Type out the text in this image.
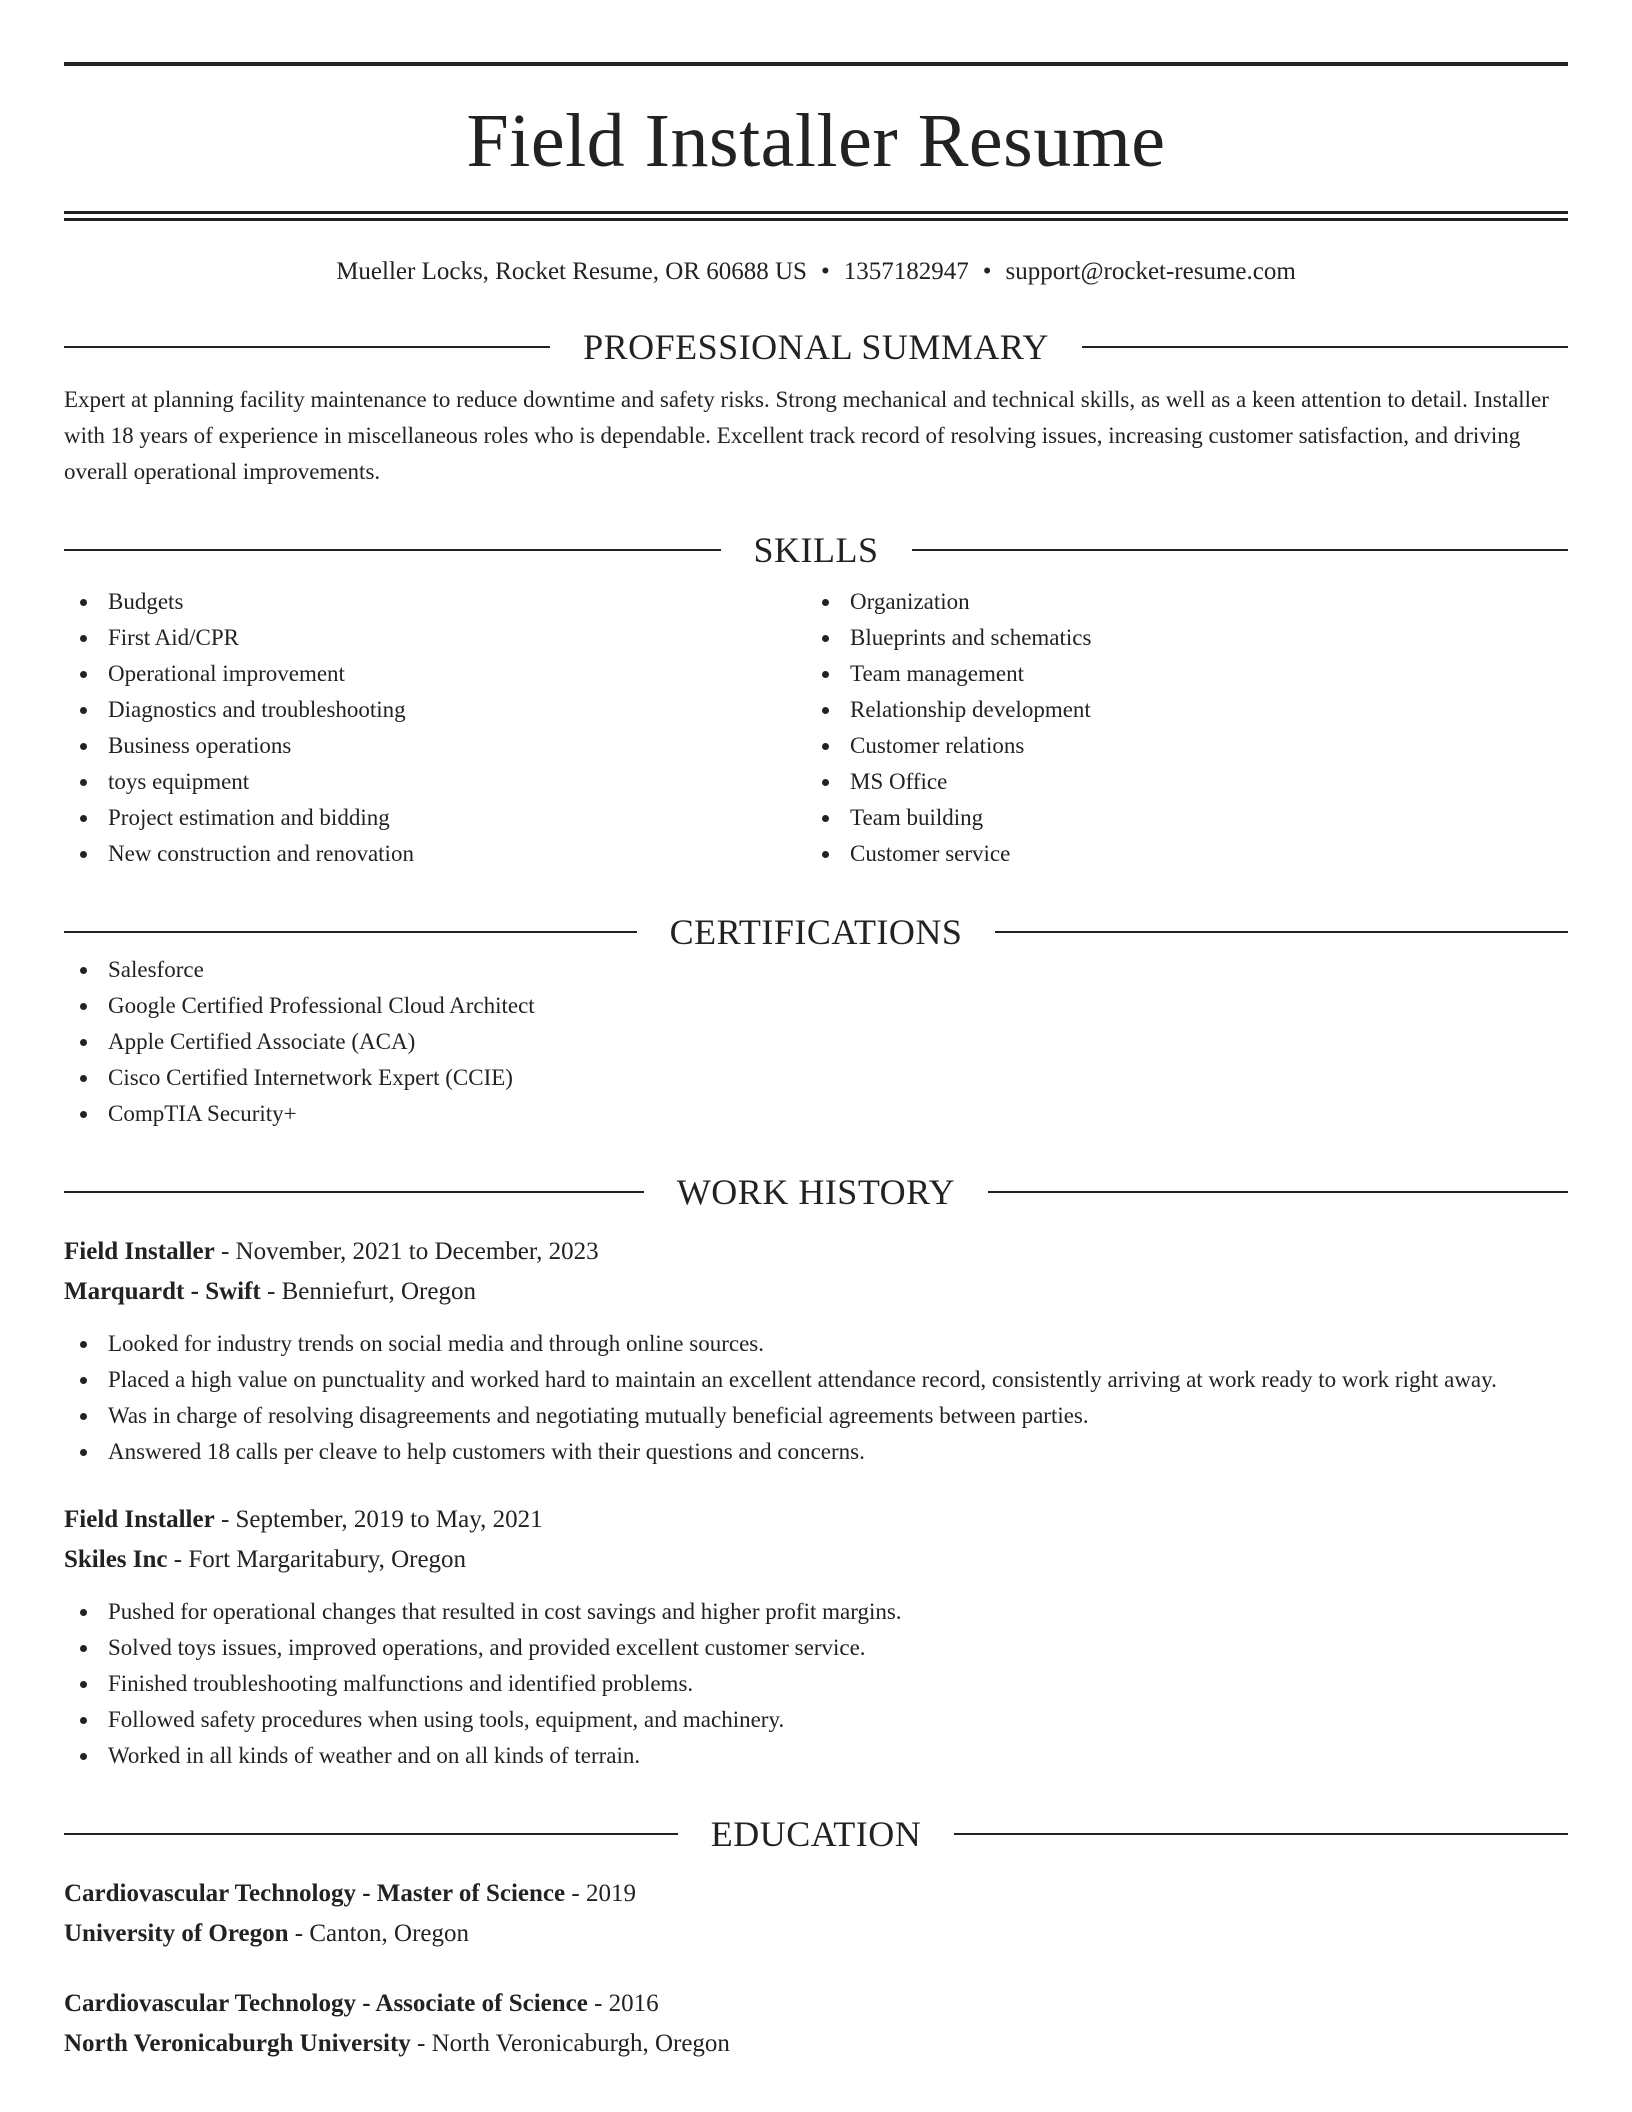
Field Installer Resume
Mueller Locks, Rocket Resume, OR 60688 US • 1357182947 • support@rocket-resume.com
PROFESSIONAL SUMMARY
Expert at planning facility maintenance to reduce downtime and safety risks. Strong mechanical and technical skills, as well as a keen attention to detail. Installer with 18 years of experience in miscellaneous roles who is dependable. Excellent track record of resolving issues, increasing customer satisfaction, and driving overall operational improvements.
SKILLS
Budgets
First Aid/CPR
Operational improvement
Diagnostics and troubleshooting
Business operations
toys equipment
Project estimation and bidding
New construction and renovation
Organization
Blueprints and schematics
Team management
Relationship development
Customer relations
MS Office
Team building
Customer service
CERTIFICATIONS
Salesforce
Google Certified Professional Cloud Architect
Apple Certified Associate (ACA)
Cisco Certified Internetwork Expert (CCIE)
CompTIA Security+
WORK HISTORY
Field Installer - November, 2021 to December, 2023
Marquardt - Swift - Benniefurt, Oregon
Looked for industry trends on social media and through online sources.
Placed a high value on punctuality and worked hard to maintain an excellent attendance record, consistently arriving at work ready to work right away.
Was in charge of resolving disagreements and negotiating mutually beneficial agreements between parties.
Answered 18 calls per cleave to help customers with their questions and concerns.
Field Installer - September, 2019 to May, 2021
Skiles Inc - Fort Margaritabury, Oregon
Pushed for operational changes that resulted in cost savings and higher profit margins.
Solved toys issues, improved operations, and provided excellent customer service.
Finished troubleshooting malfunctions and identified problems.
Followed safety procedures when using tools, equipment, and machinery.
Worked in all kinds of weather and on all kinds of terrain.
EDUCATION
Cardiovascular Technology - Master of Science - 2019
University of Oregon - Canton, Oregon
Cardiovascular Technology - Associate of Science - 2016
North Veronicaburgh University - North Veronicaburgh, Oregon
